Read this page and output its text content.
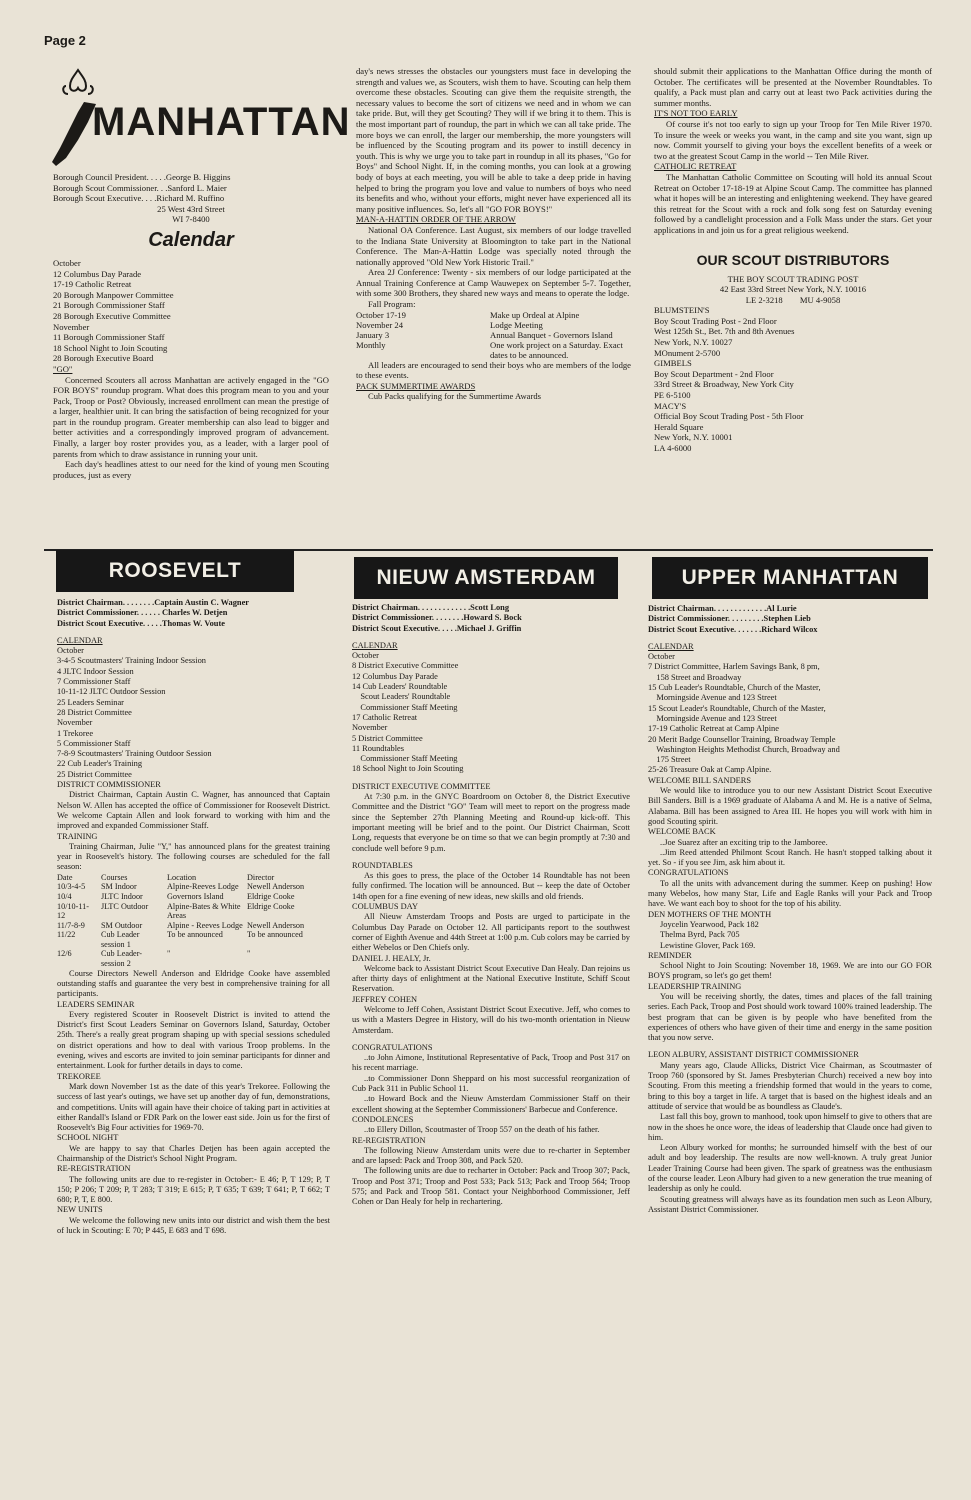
Page 2
MANHATTAN
Borough Council President. . . . .George B. Higgins
Borough Scout Commissioner. . .Sanford L. Maier
Borough Scout Executive. . . .Richard M. Ruffino
25 West 43rd Street
WI 7-8400
Calendar
October
12 Columbus Day Parade
17-19 Catholic Retreat
20 Borough Manpower Committee
21 Borough Commissioner Staff
28 Borough Executive Committee
November
11 Borough Commissioner Staff
18 School Night to Join Scouting
28 Borough Executive Board
"GO"

Concerned Scouters all across Manhattan are actively engaged in the "GO FOR BOYS" roundup program. What does this program mean to you and your Pack, Troop or Post? Obviously, increased enrollment can mean the prestige of a larger, healthier unit. It can bring the satisfaction of being recognized for your part in the roundup program. Greater membership can also lead to bigger and better activities and a correspondingly improved program of advancement. Finally, a larger boy roster provides you, as a leader, with a larger pool of parents from which to draw assistance in running your unit.

Each day's headlines attest to our need for the kind of young men Scouting produces, just as every

day's news stresses the obstacles our youngsters must face in developing the strength and values we, as Scouters, wish them to have. Scouting can help them overcome these obstacles. Scouting can give them the requisite strength, the necessary values to become the sort of citizens we need and in whom we can take pride. But, will they get Scouting? They will if we bring it to them. This is the most important part of roundup, the part in which we can all take pride. The more boys we can enroll, the larger our membership, the more youngsters will be influenced by the Scouting program and its power to instill decency in youth. This is why we urge you to take part in roundup in all its phases, "Go for Boys" and School Night. If, in the coming months, you can look at a growing body of boys at each meeting, you will be able to take a deep pride in having helped to bring the program you love and value to numbers of boys who need its benefits and who, without your efforts, might never have experienced all its many positive influences. So, let's all "GO FOR BOYS!"

MAN-A-HATTIN ORDER OF THE ARROW

National OA Conference. Last August, six members of our lodge travelled to the Indiana State University at Bloomington to take part in the National Conference. The Man-A-Hattin Lodge was specially noted through the nationally approved "Old New York Historic Trail."

Area 2J Conference: Twenty - six members of our lodge participated at the Annual Training Conference at Camp Wauwepex on September 5-7. Together, with some 300 Brothers, they shared new ways and means to operate the lodge.

Fall Program:
October 17-19	Make up Ordeal at Alpine
November 24	Lodge Meeting
January 3	Annual Banquet - Governors Island
Monthly	One work project on a Saturday. Exact dates to be announced.

All leaders are encouraged to send their boys who are members of the lodge to these events.

PACK SUMMERTIME AWARDS

Cub Packs qualifying for the Summertime Awards

should submit their applications to the Manhattan Office during the month of October. The certificates will be presented at the November Roundtables. To qualify, a Pack must plan and carry out at least two Pack activities during the summer months.

IT'S NOT TOO EARLY

Of course it's not too early to sign up your Troop for Ten Mile River 1970. To insure the week or weeks you want, in the camp and site you want, sign up now. Commit yourself to giving your boys the excellent benefits of a week or two at the greatest Scout Camp in the world -- Ten Mile River.

CATHOLIC RETREAT

The Manhattan Catholic Committee on Scouting will hold its annual Scout Retreat on October 17-18-19 at Alpine Scout Camp. The committee has planned what it hopes will be an interesting and enlightening weekend. They have geared this retreat for the Scout with a rock and folk song fest on Saturday evening followed by a candlelight procession and a Folk Mass under the stars. Get your applications in and join us for a great religious weekend.

OUR SCOUT DISTRIBUTORS
THE BOY SCOUT TRADING POST
42 East 33rd Street New York, N.Y. 10016
LE 2-3218        MU 4-9058
BLUMSTEIN'S
Boy Scout Trading Post - 2nd Floor
West 125th St., Bet. 7th and 8th Avenues
New York, N.Y. 10027
MOnument 2-5700
GIMBELS
Boy Scout Department - 2nd Floor
33rd Street & Broadway, New York City
PE 6-5100
MACY'S
Official Boy Scout Trading Post - 5th Floor
Herald Square
New York, N.Y. 10001
LA 4-6000
ROOSEVELT	NIEUW AMSTERDAM	UPPER MANHATTAN
District Chairman. . . . . . . .Captain Austin C. Wagner
District Commissioner. . . . . . Charles W. Detjen
District Scout Executive. . . . .Thomas W. Voute
CALENDAR
October
3-4-5 Scoutmasters' Training Indoor Session
4 JLTC Indoor Session
7 Commissioner Staff
10-11-12 JLTC Outdoor Session
25 Leaders Seminar
28 District Committee
November
1 Trekoree
5 Commissioner Staff
7-8-9 Scoutmasters' Training Outdoor Session
22 Cub Leader's Training
25 District Committee
DISTRICT COMMISSIONER

District Chairman, Captain Austin C. Wagner, has announced that Captain Nelson W. Allen has accepted the office of Commissioner for Roosevelt District. We welcome Captain Allen and look forward to working with him and the improved and expanded Commissioner Staff.

TRAINING

Training Chairman, Julie "Y," has announced plans for the greatest training year in Roosevelt's history. The following courses are scheduled for the fall season:

Date	Courses	Location	Director
10/3-4-5	SM Indoor	Alpine-Reeves Lodge	Newell Anderson
10/4	JLTC Indoor	Governors Island	Eldrige Cooke
10/10-11-12	JLTC Outdoor	Alpine-Bates & White Areas	Eldrige Cooke
11/7-8-9	SM Outdoor	Alpine - Reeves Lodge	Newell Anderson
11/22	Cub Leader session 1	To be announced	To be announced
12/6	Cub Leader-session 2	"	"

Course Directors Newell Anderson and Eldridge Cooke have assembled outstanding staffs and guarantee the very best in comprehensive training for all participants.

LEADERS SEMINAR

Every registered Scouter in Roosevelt District is invited to attend the District's first Scout Leaders Seminar on Governors Island, Saturday, October 25th. There's a really great program shaping up with special sessions scheduled on district operations and how to deal with various Troop problems. In the evening, wives and escorts are invited to join seminar participants for dinner and entertainment. Look for further details in days to come.

TREKOREE

Mark down November 1st as the date of this year's Trekoree. Following the success of last year's outings, we have set up another day of fun, demonstrations, and competitions. Units will again have their choice of taking part in activities at either Randall's Island or FDR Park on the lower east side. Join us for the first of Roosevelt's Big Four activities for 1969-70.

SCHOOL NIGHT

We are happy to say that Charles Detjen has been again accepted the Chairmanship of the District's School Night Program.

RE-REGISTRATION

The following units are due to re-register in October:- E 46; P, T 129; P, T 150; P 206; T 209; P, T 283; T 319; E 615; P, T 635; T 639; T 641; P, T 662; T 680; P, T, E 800.

NEW UNITS

We welcome the following new units into our district and wish them the best of luck in Scouting: E 70; P 445, E 683 and T 698.

District Chairman. . . . . . . . . . . . .Scott Long
District Commissioner. . . . . . . .Howard S. Bock
District Scout Executive. . . . .Michael J. Griffin
CALENDAR
October
8 District Executive Committee
12 Columbus Day Parade
14 Cub Leaders' Roundtable
Scout Leaders' Roundtable
Commissioner Staff Meeting
17 Catholic Retreat
November
5 District Committee
11 Roundtables
Commissioner Staff Meeting
18 School Night to Join Scouting
DISTRICT EXECUTIVE COMMITTEE

At 7:30 p.m. in the GNYC Boardroom on October 8, the District Executive Committee and the District "GO" Team will meet to report on the progress made since the September 27th Planning Meeting and Round-up kick-off. This important meeting will be brief and to the point. Our District Chairman, Scott Long, requests that everyone be on time so that we can begin promptly at 7:30 and conclude well before 9 p.m.

ROUNDTABLES

As this goes to press, the place of the October 14 Roundtable has not been fully confirmed. The location will be announced. But -- keep the date of October 14th open for a fine evening of new ideas, new skills and old friends.

COLUMBUS DAY

All Nieuw Amsterdam Troops and Posts are urged to participate in the Columbus Day Parade on October 12. All participants report to the southwest corner of Eighth Avenue and 44th Street at 1:00 p.m. Cub colors may be carried by either Webelos or Den Chiefs only.

DANIEL J. HEALY, Jr.

Welcome back to Assistant District Scout Executive Dan Healy. Dan rejoins us after thirty days of enlightment at the National Executive Institute, Schiff Scout Reservation.

JEFFREY COHEN

Welcome to Jeff Cohen, Assistant District Scout Executive. Jeff, who comes to us with a Masters Degree in History, will do his two-month orientation in Nieuw Amsterdam.

CONGRATULATIONS

..to John Aimone, Institutional Representative of Pack, Troop and Post 317 on his recent marriage.

..to Commissioner Donn Sheppard on his most successful reorganization of Cub Pack 311 in Public School 11.

..to Howard Bock and the Nieuw Amsterdam Commissioner Staff on their excellent showing at the September Commissioners' Barbecue and Conference.

CONDOLENCES

..to Ellery Dillon, Scoutmaster of Troop 557 on the death of his father.

RE-REGISTRATION

The following Nieuw Amsterdam units were due to re-charter in September and are lapsed: Pack and Troop 308, and Pack 520.

The following units are due to recharter in October: Pack and Troop 307; Pack, Troop and Post 371; Troop and Post 533; Pack 513; Pack and Troop 564; Troop 575; and Pack and Troop 581. Contact your Neighborhood Commissioner, Jeff Cohen or Dan Healy for help in rechartering.

District Chairman. . . . . . . . . . . . .Al Lurie
District Commissioner. . . . . . . . .Stephen Lieb
District Scout Executive. . . . . . .Richard Wilcox
CALENDAR
October
7 District Committee, Harlem Savings Bank, 8 pm,
158 Street and Broadway
15 Cub Leader's Roundtable, Church of the Master,
Morningside Avenue and 123 Street
15 Scout Leader's Roundtable, Church of the Master,
Morningside Avenue and 123 Street
17-19 Catholic Retreat at Camp Alpine
20 Merit Badge Counsellor Training, Broadway Temple
Washington Heights Methodist Church, Broadway and
175 Street
25-26 Treasure Oak at Camp Alpine.
WELCOME BILL SANDERS

We would like to introduce you to our new Assistant District Scout Executive Bill Sanders. Bill is a 1969 graduate of Alabama A and M. He is a native of Selma, Alabama. Bill has been assigned to Area III. He hopes you will work with him in good Scouting spirit.

WELCOME BACK

..Joe Suarez after an exciting trip to the Jamboree.

..Jim Reed attended Philmont Scout Ranch. He hasn't stopped talking about it yet. So - if you see Jim, ask him about it.

CONGRATULATIONS

To all the units with advancement during the summer. Keep on pushing! How many Webelos, how many Star, Life and Eagle Ranks will your Pack and Troop have. We want each boy to shoot for the top of his ability.

DEN MOTHERS OF THE MONTH
Joycelin Yearwood, Pack 182
Thelma Byrd, Pack 705
Lewistine Glover, Pack 169.
REMINDER

School Night to Join Scouting: November 18, 1969. We are into our GO FOR BOYS program, so let's go get them!

LEADERSHIP TRAINING

You will be receiving shortly, the dates, times and places of the fall training series. Each Pack, Troop and Post should work toward 100% trained leadership. The best program that can be given is by people who have benefited from the experiences of others who have given of their time and energy in the same position that you now serve.

LEON ALBURY, ASSISTANT DISTRICT COMMISSIONER

Many years ago, Claude Allicks, District Vice Chairman, as Scoutmaster of Troop 760 (sponsored by St. James Presbyterian Church) received a new boy into Scouting. From this meeting a friendship formed that would in the years to come, bring to this boy a target in life. A target that is based on the highest ideals and an attitude of service that would be as boundless as Claude's.

Last fall this boy, grown to manhood, took upon himself to give to others that are now in the shoes he once wore, the ideas of leadership that Claude once had given to him.

Leon Albury worked for months; he surrounded himself with the best of our adult and boy leadership. The results are now well-known. A truly great Junior Leader Training Course had been given. The spark of greatness was the enthusiasm of the course leader. Leon Albury had given to a new generation the true meaning of leadership as only he could.

Scouting greatness will always have as its foundation men such as Leon Albury, Assistant District Commissioner.
